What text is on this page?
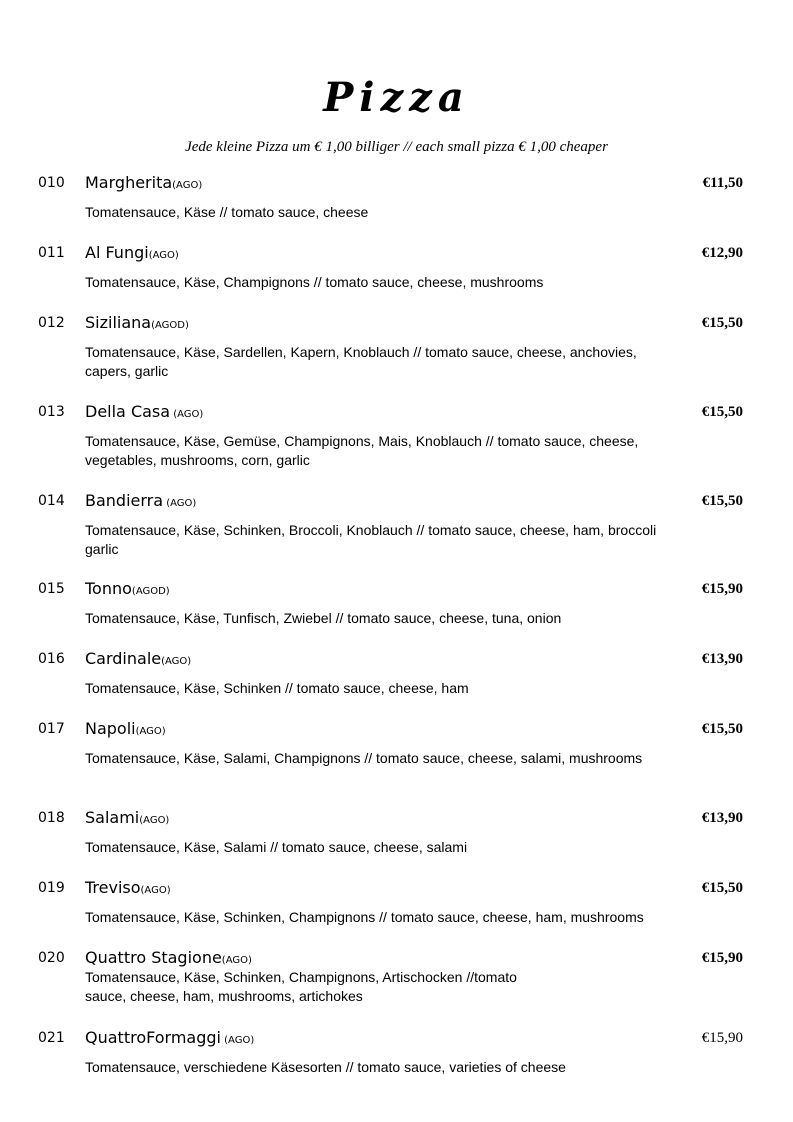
Pizza
Jede kleine Pizza um € 1,00 billiger // each small pizza € 1,00 cheaper
010 Margherita(AGO)	€11,50
Tomatensauce, Käse // tomato sauce, cheese
011 Al Fungi(AGO)	€12,90
Tomatensauce, Käse, Champignons // tomato sauce, cheese, mushrooms
012 Siziliana(AGOD)	€15,50
Tomatensauce, Käse, Sardellen, Kapern, Knoblauch // tomato sauce, cheese, anchovies, capers, garlic
013 Della Casa (AGO)	€15,50
Tomatensauce, Käse, Gemüse, Champignons, Mais, Knoblauch // tomato sauce, cheese, vegetables, mushrooms, corn, garlic
014 Bandierra (AGO)	€15,50
Tomatensauce, Käse, Schinken, Broccoli, Knoblauch // tomato sauce, cheese, ham, broccoli garlic
015 Tonno(AGOD)	€15,90
Tomatensauce, Käse, Tunfisch, Zwiebel // tomato sauce, cheese, tuna, onion
016 Cardinale(AGO)	€13,90
Tomatensauce, Käse, Schinken // tomato sauce, cheese, ham
017 Napoli(AGO)	€15,50
Tomatensauce, Käse, Salami, Champignons // tomato sauce, cheese, salami, mushrooms
018 Salami(AGO)	€13,90
Tomatensauce, Käse, Salami // tomato sauce, cheese, salami
019 Treviso(AGO)	€15,50
Tomatensauce, Käse, Schinken, Champignons // tomato sauce, cheese, ham, mushrooms
020 Quattro Stagione(AGO)	€15,90
Tomatensauce, Käse, Schinken, Champignons, Artischocken //tomato sauce, cheese, ham, mushrooms, artichokes
021 QuattroFormaggi (AGO)	€15,90
Tomatensauce, verschiedene Käsesorten // tomato sauce, varieties of cheese
